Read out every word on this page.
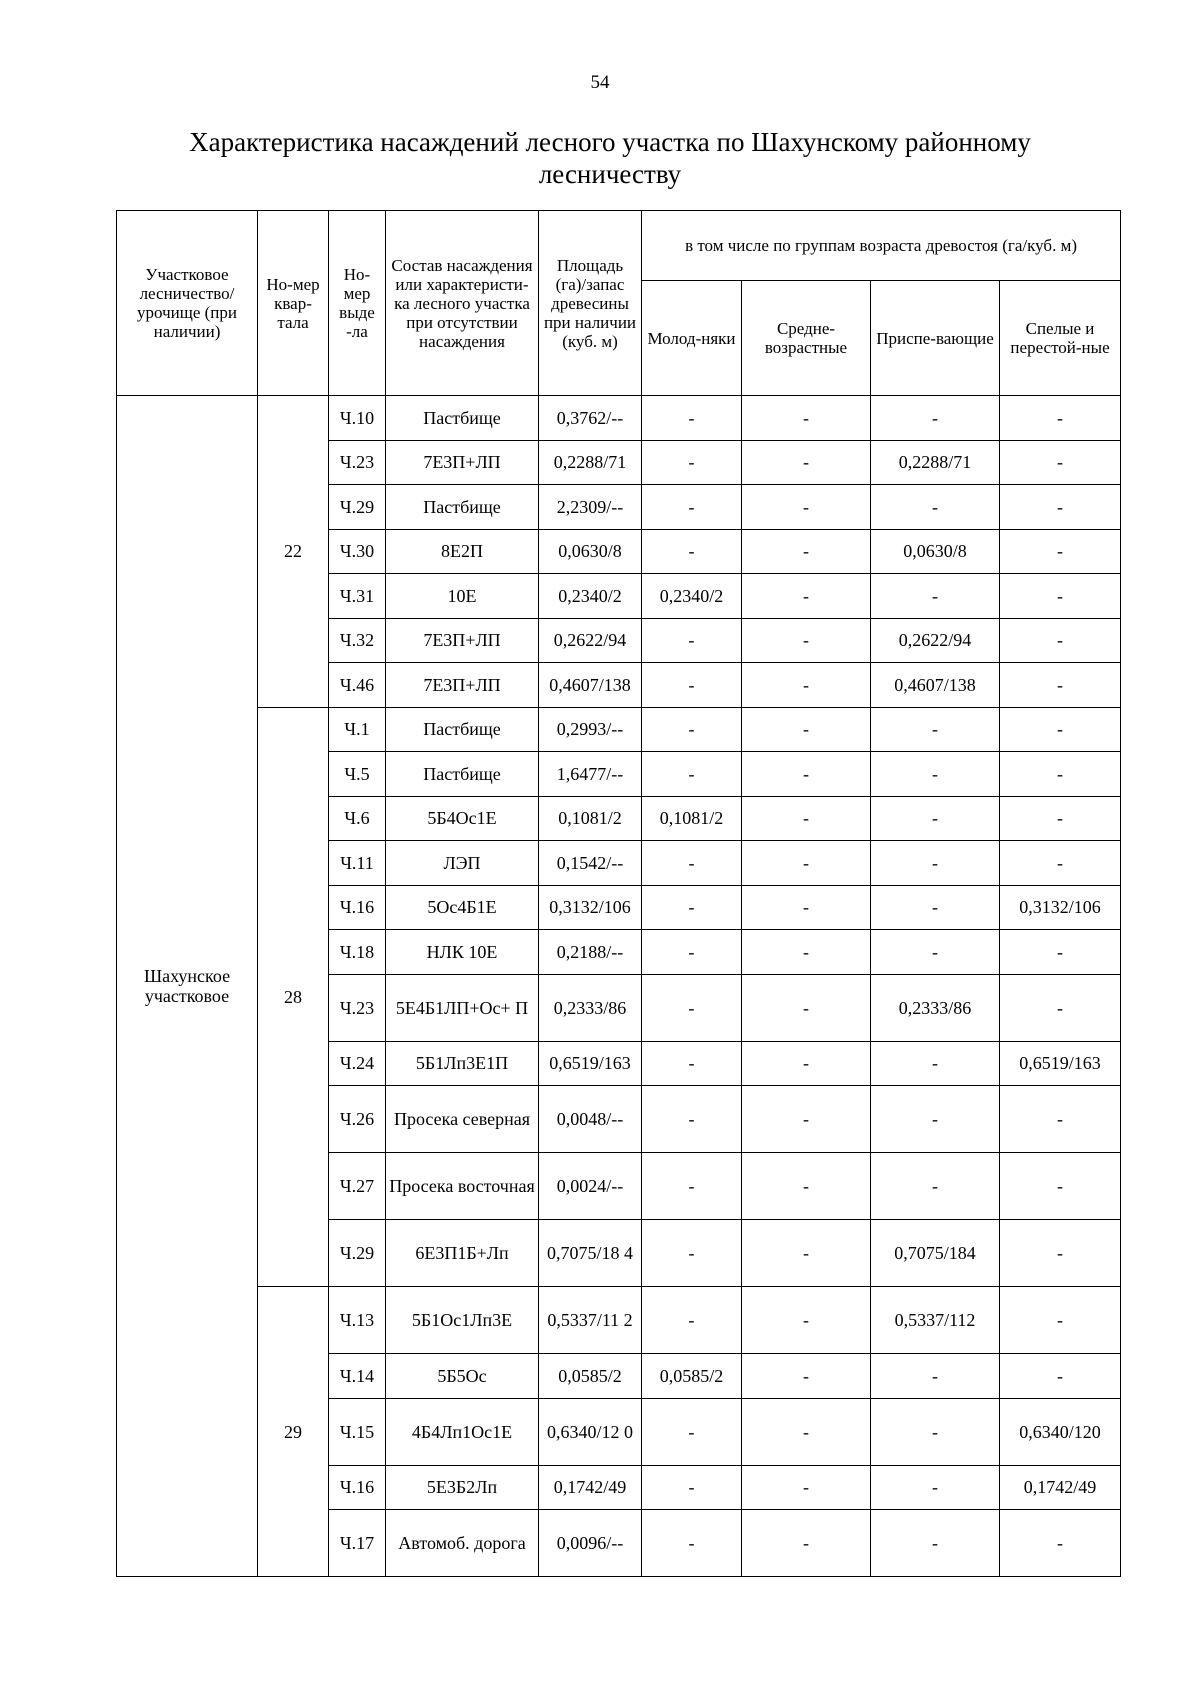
54
Характеристика насаждений лесного участка по Шахунскому районному лесничеству
Участковое лесничество/ урочище (при наличии)	Но-мер квар-тала	Но-мер выде -ла	Состав насаждения или характеристи-ка лесного участка при отсутствии насаждения	Площадь (га)/запас древесины при наличии (куб. м)	в том числе по группам возраста древостоя (га/куб. м)			
					Молод-няки	Средне-возрастные	Приспе-вающие	Спелые и перестой-ные
Шахунское участковое	22	Ч.10	Пастбище	0,3762/--	-	-	-	-
		Ч.23	7Е3П+ЛП	0,2288/71	-	-	0,2288/71	-
		Ч.29	Пастбище	2,2309/--	-	-	-	-
		Ч.30	8Е2П	0,0630/8	-	-	0,0630/8	-
		Ч.31	10Е	0,2340/2	0,2340/2	-	-	-
		Ч.32	7Е3П+ЛП	0,2622/94	-	-	0,2622/94	-
		Ч.46	7Е3П+ЛП	0,4607/138	-	-	0,4607/138	-
	28	Ч.1	Пастбище	0,2993/--	-	-	-	-
		Ч.5	Пастбище	1,6477/--	-	-	-	-
		Ч.6	5Б4Ос1Е	0,1081/2	0,1081/2	-	-	-
		Ч.11	ЛЭП	0,1542/--	-	-	-	-
		Ч.16	5Ос4Б1Е	0,3132/106	-	-	-	0,3132/106
		Ч.18	НЛК 10Е	0,2188/--	-	-	-	-
		Ч.23	5Е4Б1ЛП+Ос+ П	0,2333/86	-	-	0,2333/86	-
		Ч.24	5Б1Лп3Е1П	0,6519/163	-	-	-	0,6519/163
		Ч.26	Просека северная	0,0048/--	-	-	-	-
		Ч.27	Просека восточная	0,0024/--	-	-	-	-
		Ч.29	6Е3П1Б+Лп	0,7075/18 4	-	-	0,7075/184	-
	29	Ч.13	5Б1Ос1Лп3Е	0,5337/11 2	-	-	0,5337/112	-
		Ч.14	5Б5Ос	0,0585/2	0,0585/2	-	-	-
		Ч.15	4Б4Лп1Ос1Е	0,6340/12 0	-	-	-	0,6340/120
		Ч.16	5Е3Б2Лп	0,1742/49	-	-	-	0,1742/49
		Ч.17	Автомоб. дорога	0,0096/--	-	-	-	-
